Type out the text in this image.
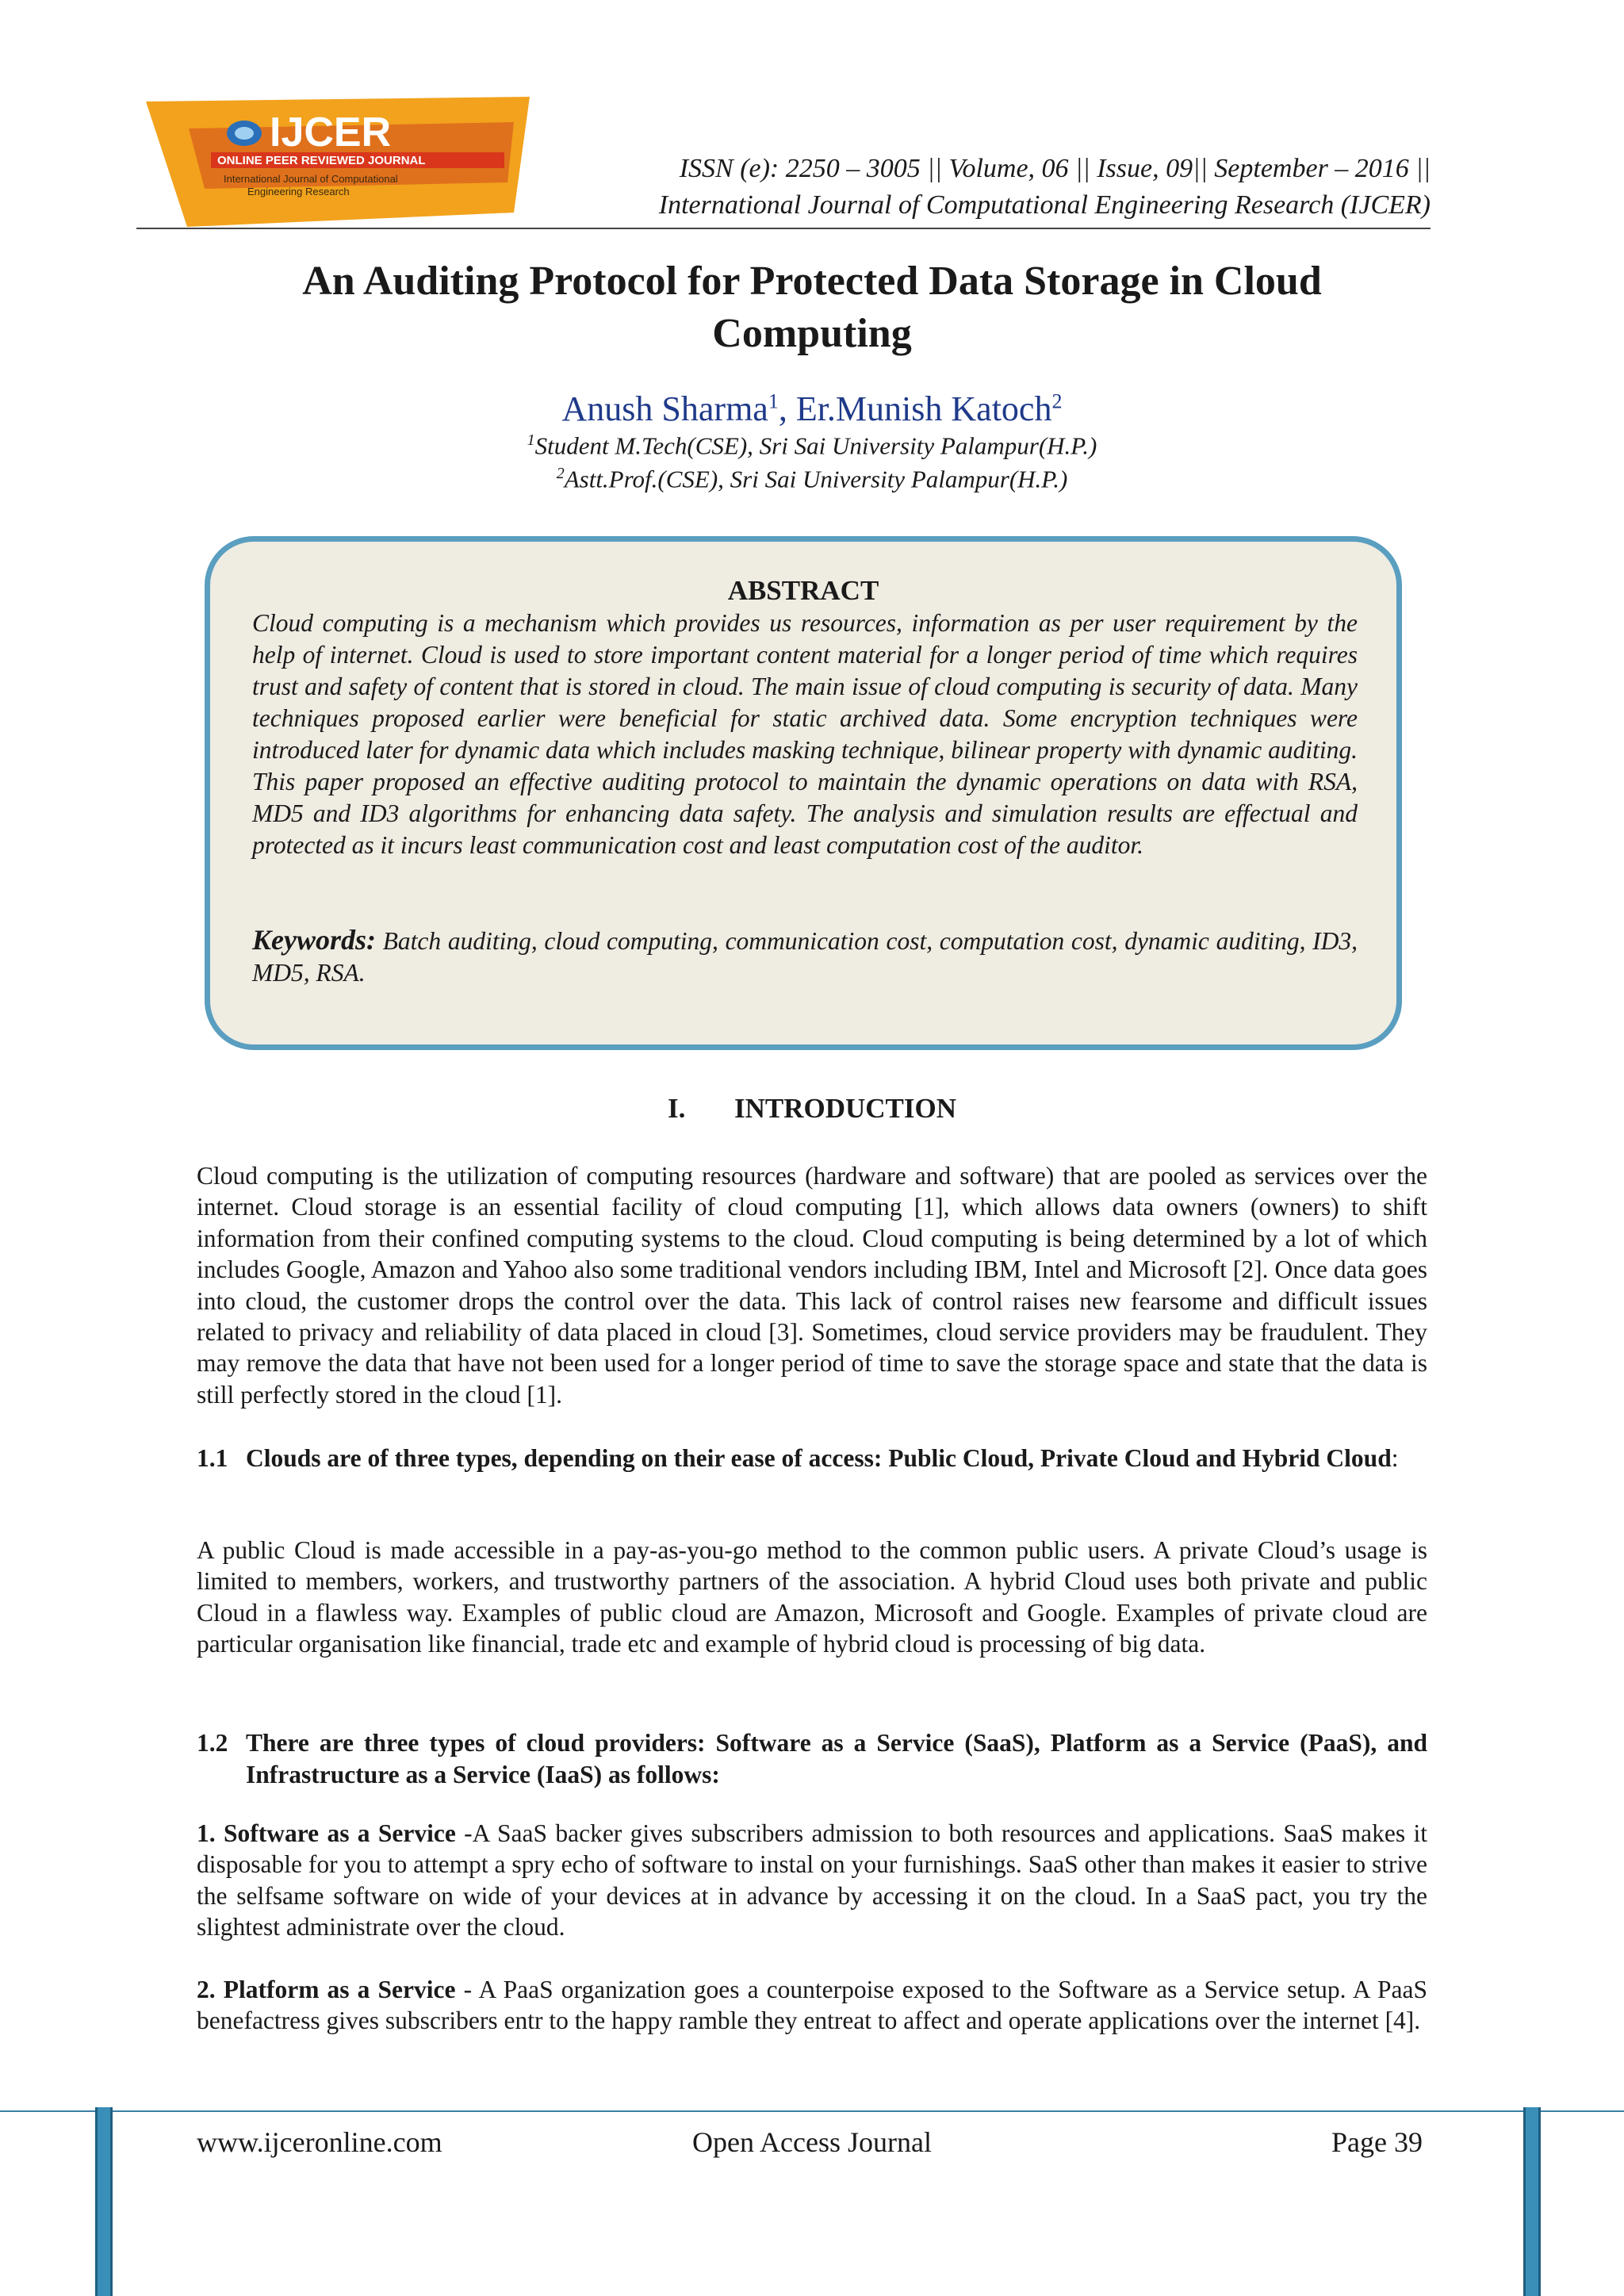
IJCER
ONLINE PEER REVIEWED JOURNAL
International Journal of Computational
Engineering Research
ISSN (e): 2250 – 3005 || Volume, 06 || Issue, 09|| September – 2016 ||
International Journal of Computational Engineering Research (IJCER)
An Auditing Protocol for Protected Data Storage in Cloud
Computing
Anush Sharma$^1$, Er.Munish Katoch$^2$
$^1$Student M.Tech(CSE), Sri Sai University Palampur(H.P.)
$^2$Astt.Prof.(CSE), Sri Sai University Palampur(H.P.)
ABSTRACT

Cloud computing is a mechanism which provides us resources, information as per user requirement by the help of internet. Cloud is used to store important content material for a longer period of time which requires trust and safety of content that is stored in cloud. The main issue of cloud computing is security of data. Many techniques proposed earlier were beneficial for static archived data. Some encryption techniques were introduced later for dynamic data which includes masking technique, bilinear property with dynamic auditing. This paper proposed an effective auditing protocol to maintain the dynamic operations on data with RSA, MD5 and ID3 algorithms for enhancing data safety. The analysis and simulation results are effectual and protected as it incurs least communication cost and least computation cost of the auditor.

Keywords: Batch auditing, cloud computing, communication cost, computation cost, dynamic auditing, ID3, MD5, RSA.

I. INTRODUCTION

Cloud computing is the utilization of computing resources (hardware and software) that are pooled as services over the internet. Cloud storage is an essential facility of cloud computing [1], which allows data owners (owners) to shift information from their confined computing systems to the cloud. Cloud computing is being determined by a lot of which includes Google, Amazon and Yahoo also some traditional vendors including IBM, Intel and Microsoft [2]. Once data goes into cloud, the customer drops the control over the data. This lack of control raises new fearsome and difficult issues related to privacy and reliability of data placed in cloud [3]. Sometimes, cloud service providers may be fraudulent. They may remove the data that have not been used for a longer period of time to save the storage space and state that the data is still perfectly stored in the cloud [1].

1.1 Clouds are of three types, depending on their ease of access: Public Cloud, Private Cloud and Hybrid Cloud:

A public Cloud is made accessible in a pay-as-you-go method to the common public users. A private Cloud’s usage is limited to members, workers, and trustworthy partners of the association. A hybrid Cloud uses both private and public Cloud in a flawless way. Examples of public cloud are Amazon, Microsoft and Google. Examples of private cloud are particular organisation like financial, trade etc and example of hybrid cloud is processing of big data.

1.2 There are three types of cloud providers: Software as a Service (SaaS), Platform as a Service (PaaS), and Infrastructure as a Service (IaaS) as follows:

1. Software as a Service -A SaaS backer gives subscribers admission to both resources and applications. SaaS makes it disposable for you to attempt a spry echo of software to instal on your furnishings. SaaS other than makes it easier to strive the selfsame software on wide of your devices at in advance by accessing it on the cloud. In a SaaS pact, you try the slightest administrate over the cloud.

2. Platform as a Service - A PaaS organization goes a counterpoise exposed to the Software as a Service setup. A PaaS benefactress gives subscribers entr to the happy ramble they entreat to affect and operate applications over the internet [4].

www.ijceronline.com	Open Access Journal	Page 39
